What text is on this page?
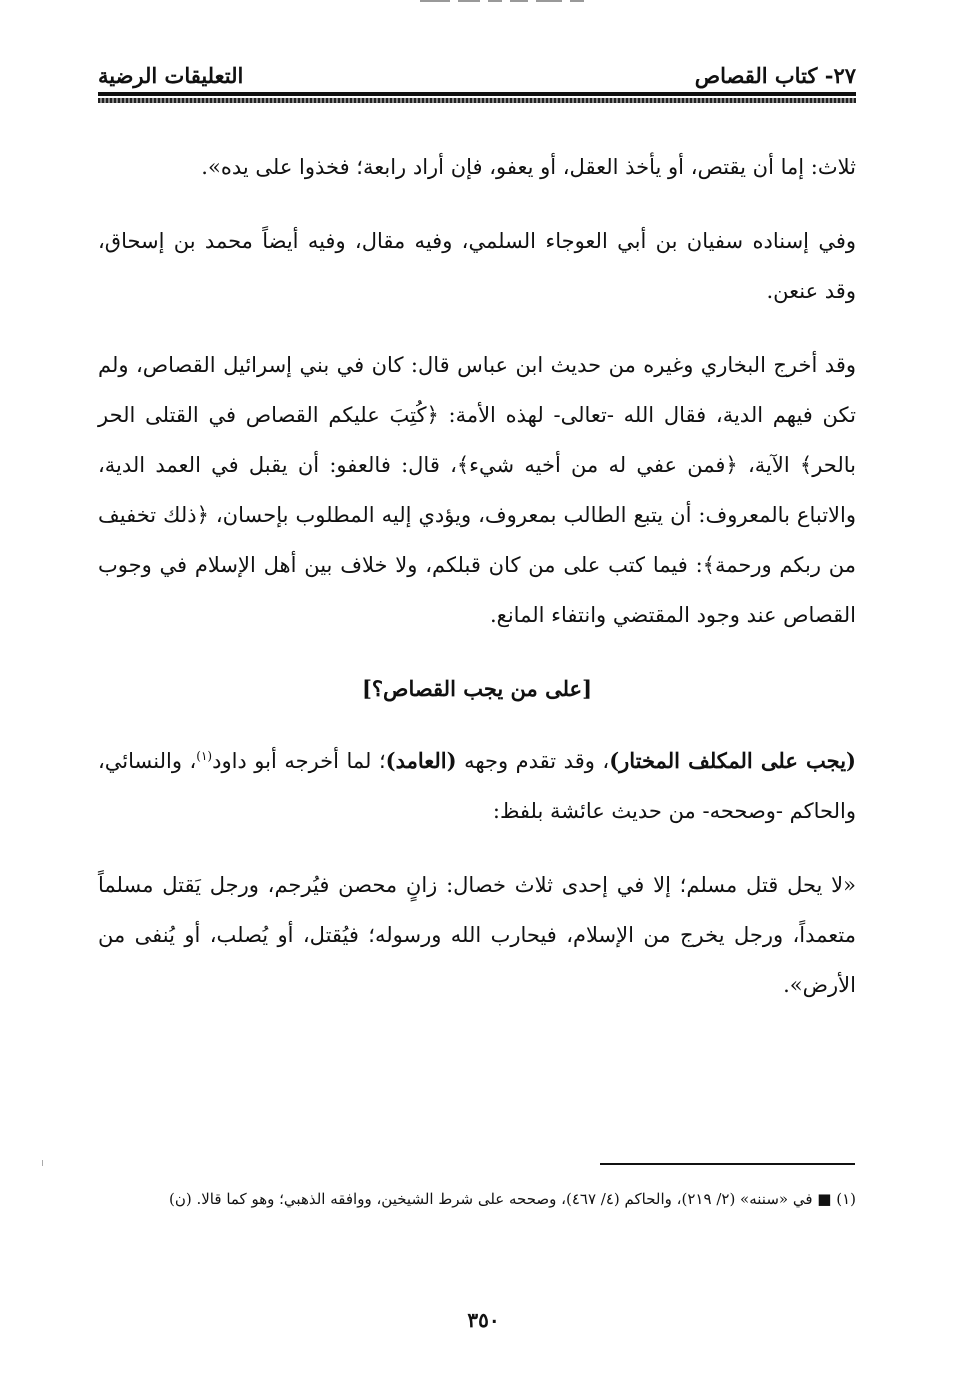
٢٧- كتاب القصاص
التعليقات الرضية

ثلاث: إما أن يقتص، أو يأخذ العقل، أو يعفو، فإن أراد رابعة؛ فخذوا على يده».

وفي إسناده سفيان بن أبي العوجاء السلمي، وفيه مقال، وفيه أيضاً محمد بن إسحاق، وقد عنعن.

وقد أخرج البخاري وغيره من حديث ابن عباس قال: كان في بني إسرائيل القصاص، ولم تكن فيهم الدية، فقال الله -تعالى- لهذه الأمة: ﴿كُتِبَ عليكم القصاص في القتلى الحر بالحر﴾ الآية، ﴿فمن عفي له من أخيه شيء﴾، قال: فالعفو: أن يقبل في العمد الدية، والاتباع بالمعروف: أن يتبع الطالب بمعروف، ويؤدي إليه المطلوب بإحسان، ﴿ذلك تخفيف من ربكم ورحمة﴾: فيما كتب على من كان قبلكم، ولا خلاف بين أهل الإسلام في وجوب القصاص عند وجود المقتضي وانتفاء المانع.

[على من يجب القصاص؟]

(يجب على المكلف المختار)، وقد تقدم وجهه (العامد)؛ لما أخرجه أبو داود$^{(١)}$، والنسائي، والحاكم -وصححه- من حديث عائشة بلفظ:

«لا يحل قتل مسلم؛ إلا في إحدى ثلاث خصال: زانٍ محصن فيُرجم، ورجل يَقتل مسلماً متعمداً، ورجل يخرج من الإسلام، فيحارب الله ورسوله؛ فيُقتل، أو يُصلب، أو يُنفى من الأرض».

(١) ■ في «سننه» (٢/ ٢١٩)، والحاكم (٤/ ٤٦٧)، وصححه على شرط الشيخين، ووافقه الذهبي؛ وهو كما قالا. (ن)
٣٥٠
